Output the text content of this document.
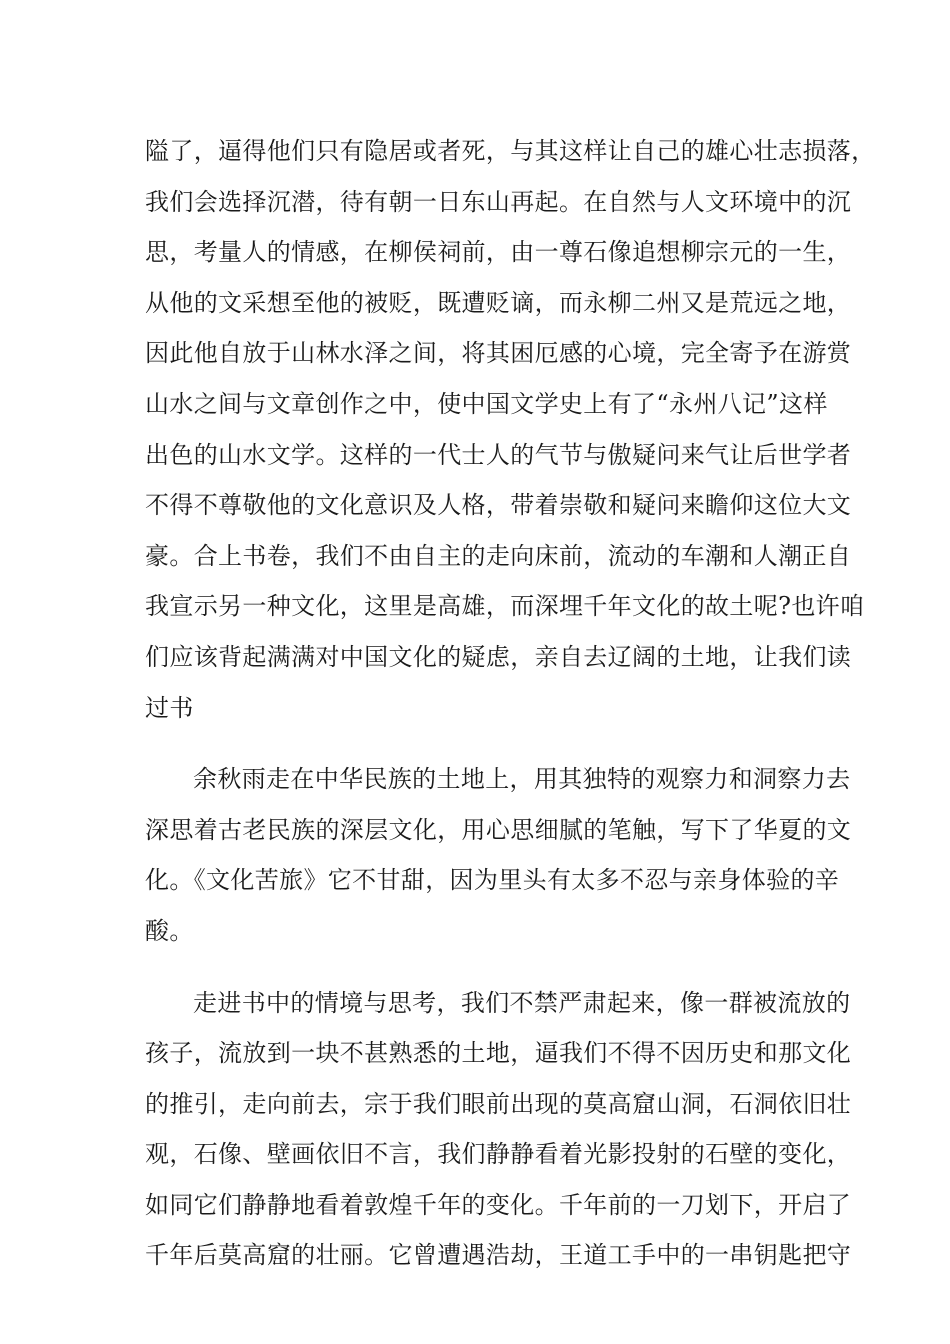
隘了，逼得他们只有隐居或者死，与其这样让自己的雄心壮志损落，
我们会选择沉潜，待有朝一日东山再起。在自然与人文环境中的沉
思，考量人的情感，在柳侯祠前，由一尊石像追想柳宗元的一生，
从他的文采想至他的被贬，既遭贬谪，而永柳二州又是荒远之地，
因此他自放于山林水泽之间，将其困厄感的心境，完全寄予在游赏
山水之间与文章创作之中，使中国文学史上有了“永州八记”这样
出色的山水文学。这样的一代士人的气节与傲疑问来气让后世学者
不得不尊敬他的文化意识及人格，带着崇敬和疑问来瞻仰这位大文
豪。合上书卷，我们不由自主的走向床前，流动的车潮和人潮正自
我宣示另一种文化，这里是高雄，而深埋千年文化的故土呢?也许咱
们应该背起满满对中国文化的疑虑，亲自去辽阔的土地，让我们读
过书
余秋雨走在中华民族的土地上，用其独特的观察力和洞察力去
深思着古老民族的深层文化，用心思细腻的笔触，写下了华夏的文
化。《文化苦旅》它不甘甜，因为里头有太多不忍与亲身体验的辛
酸。
走进书中的情境与思考，我们不禁严肃起来，像一群被流放的
孩子，流放到一块不甚熟悉的土地，逼我们不得不因历史和那文化
的推引，走向前去，宗于我们眼前出现的莫高窟山洞，石洞依旧壮
观，石像、壁画依旧不言，我们静静看着光影投射的石壁的变化，
如同它们静静地看着敦煌千年的变化。千年前的一刀划下，开启了
千年后莫高窟的壮丽。它曾遭遇浩劫，王道工手中的一串钥匙把守
